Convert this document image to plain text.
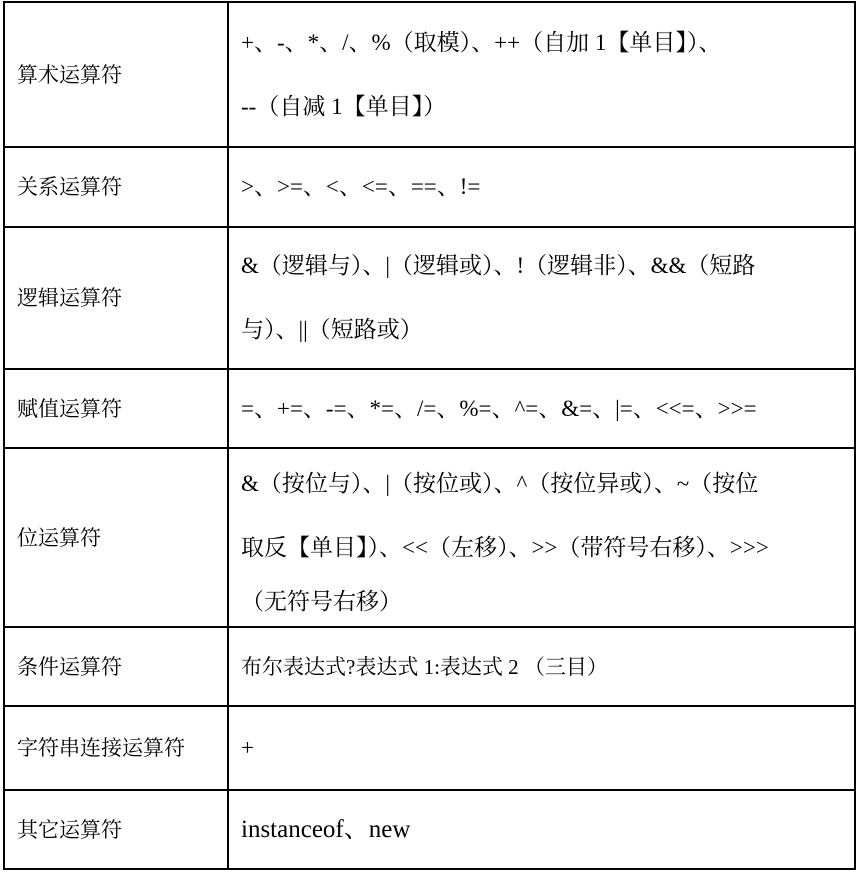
算术运算符	+、-、*、/、%（取模）、++（自加 1【单目】）、
--（自减 1【单目】）

关系运算符	>、>=、<、<=、==、!=

逻辑运算符	&（逻辑与）、|（逻辑或）、!（逻辑非）、&&（短路
与）、||（短路或）

赋值运算符	=、+=、-=、*=、/=、%=、^=、&=、|=、<<=、>>=

位运算符	&（按位与）、|（按位或）、^（按位异或）、~（按位
取反【单目】）、<<（左移）、>>（带符号右移）、>>>
（无符号右移）

条件运算符	布尔表达式?表达式 1:表达式 2 （三目）

字符串连接运算符	+

其它运算符	instanceof、new
